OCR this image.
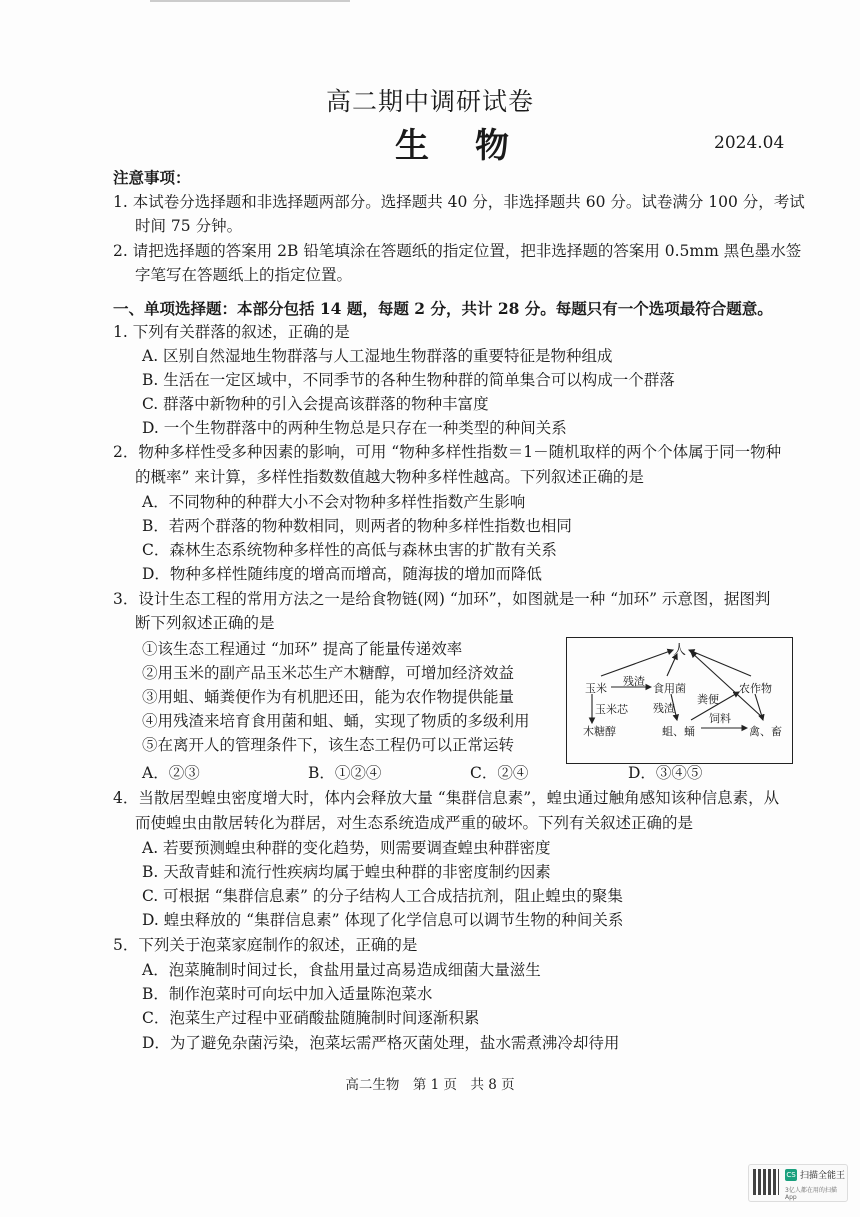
高二期中调研试卷
生物	2024.04
注意事项：
1. 本试卷分选择题和非选择题两部分。选择题共 40 分，非选择题共 60 分。试卷满分 100 分，考试
时间 75 分钟。
2. 请把选择题的答案用 2B 铅笔填涂在答题纸的指定位置，把非选择题的答案用 0.5mm 黑色墨水签
字笔写在答题纸上的指定位置。
一、单项选择题：本部分包括 14 题，每题 2 分，共计 28 分。每题只有一个选项最符合题意。
1. 下列有关群落的叙述，正确的是
A. 区别自然湿地生物群落与人工湿地生物群落的重要特征是物种组成
B. 生活在一定区域中，不同季节的各种生物种群的简单集合可以构成一个群落
C. 群落中新物种的引入会提高该群落的物种丰富度
D. 一个生物群落中的两种生物总是只存在一种类型的种间关系
2．物种多样性受多种因素的影响，可用 “物种多样性指数＝1－随机取样的两个个体属于同一物种
的概率” 来计算，多样性指数数值越大物种多样性越高。下列叙述正确的是
A．不同物种的种群大小不会对物种多样性指数产生影响
B．若两个群落的物种数相同，则两者的物种多样性指数也相同
C．森林生态系统物种多样性的高低与森林虫害的扩散有关系
D．物种多样性随纬度的增高而增高，随海拔的增加而降低
3．设计生态工程的常用方法之一是给食物链(网) “加环”，如图就是一种 “加环” 示意图，据图判
断下列叙述正确的是
①该生态工程通过 “加环” 提高了能量传递效率
②用玉米的副产品玉米芯生产木糖醇，可增加经济效益
③用蛆、蛹粪便作为有机肥还田，能为农作物提供能量
④用残渣来培育食用菌和蛆、蛹，实现了物质的多级利用
⑤在离开人的管理条件下，该生态工程仍可以正常运转
A．②③	B．①②④	C．②④	D．③④⑤
人
玉米
残渣
食用菌
玉米芯 残渣
粪便
农作物
木糖醇	蛆、蛹
饲料
禽、畜
4．当散居型蝗虫密度增大时，体内会释放大量 “集群信息素”，蝗虫通过触角感知该种信息素，从
而使蝗虫由散居转化为群居，对生态系统造成严重的破坏。下列有关叙述正确的是
A. 若要预测蝗虫种群的变化趋势，则需要调查蝗虫种群密度
B. 天敌青蛙和流行性疾病均属于蝗虫种群的非密度制约因素
C. 可根据 “集群信息素” 的分子结构人工合成拮抗剂，阻止蝗虫的聚集
D. 蝗虫释放的 “集群信息素” 体现了化学信息可以调节生物的种间关系
5．下列关于泡菜家庭制作的叙述，正确的是
A．泡菜腌制时间过长，食盐用量过高易造成细菌大量滋生
B．制作泡菜时可向坛中加入适量陈泡菜水
C．泡菜生产过程中亚硝酸盐随腌制时间逐渐积累
D．为了避免杂菌污染，泡菜坛需严格灭菌处理，盐水需煮沸冷却待用
高二生物　第 1 页　共 8 页
CS 扫描全能王
3亿人都在用的扫描App
